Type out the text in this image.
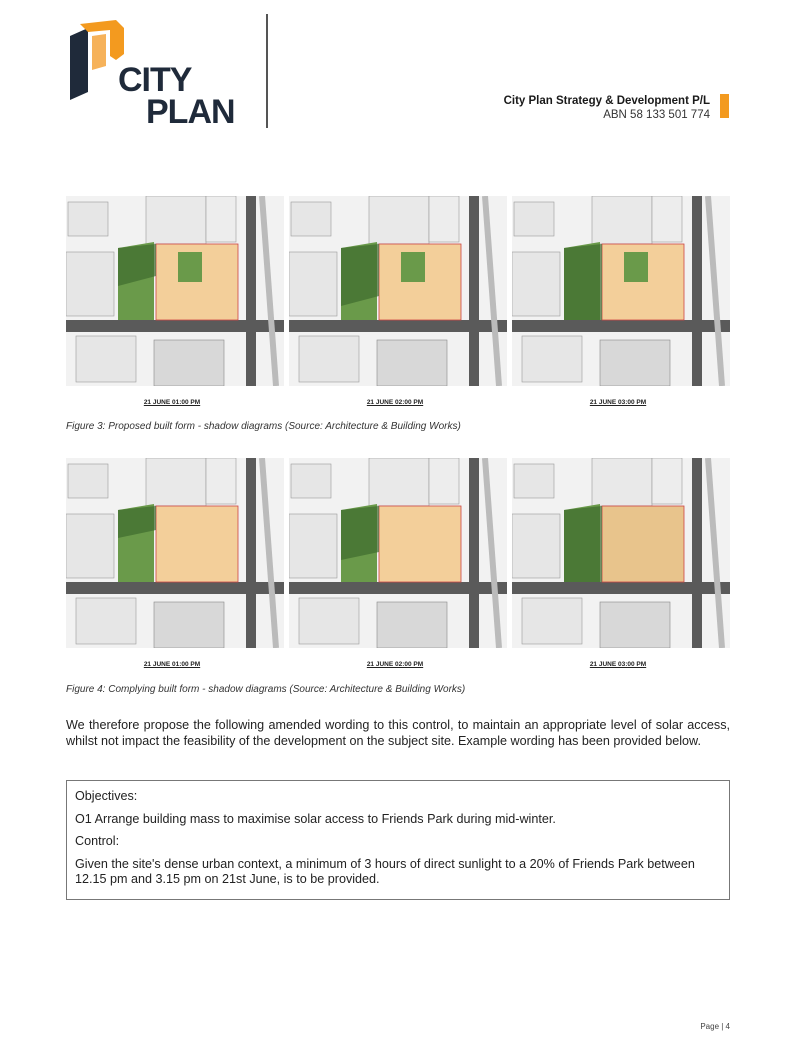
CITY
PLAN	City Plan Strategy & Development P/L
ABN 58 133 501 774
21 JUNE 01:00 PM	21 JUNE 02:00 PM	21 JUNE 03:00 PM
Figure 3: Proposed built form - shadow diagrams (Source: Architecture & Building Works)
21 JUNE 01:00 PM	21 JUNE 02:00 PM	21 JUNE 03:00 PM
Figure 4: Complying built form - shadow diagrams (Source: Architecture & Building Works)
We therefore propose the following amended wording to this control, to maintain an appropriate level of solar access, whilst not impact the feasibility of the development on the subject site. Example wording has been provided below.

Objectives:

O1 Arrange building mass to maximise solar access to Friends Park during mid-winter.

Control:

Given the site's dense urban context, a minimum of 3 hours of direct sunlight to a 20% of Friends Park between 12.15 pm and 3.15 pm on 21st June, is to be provided.

Page | 4
